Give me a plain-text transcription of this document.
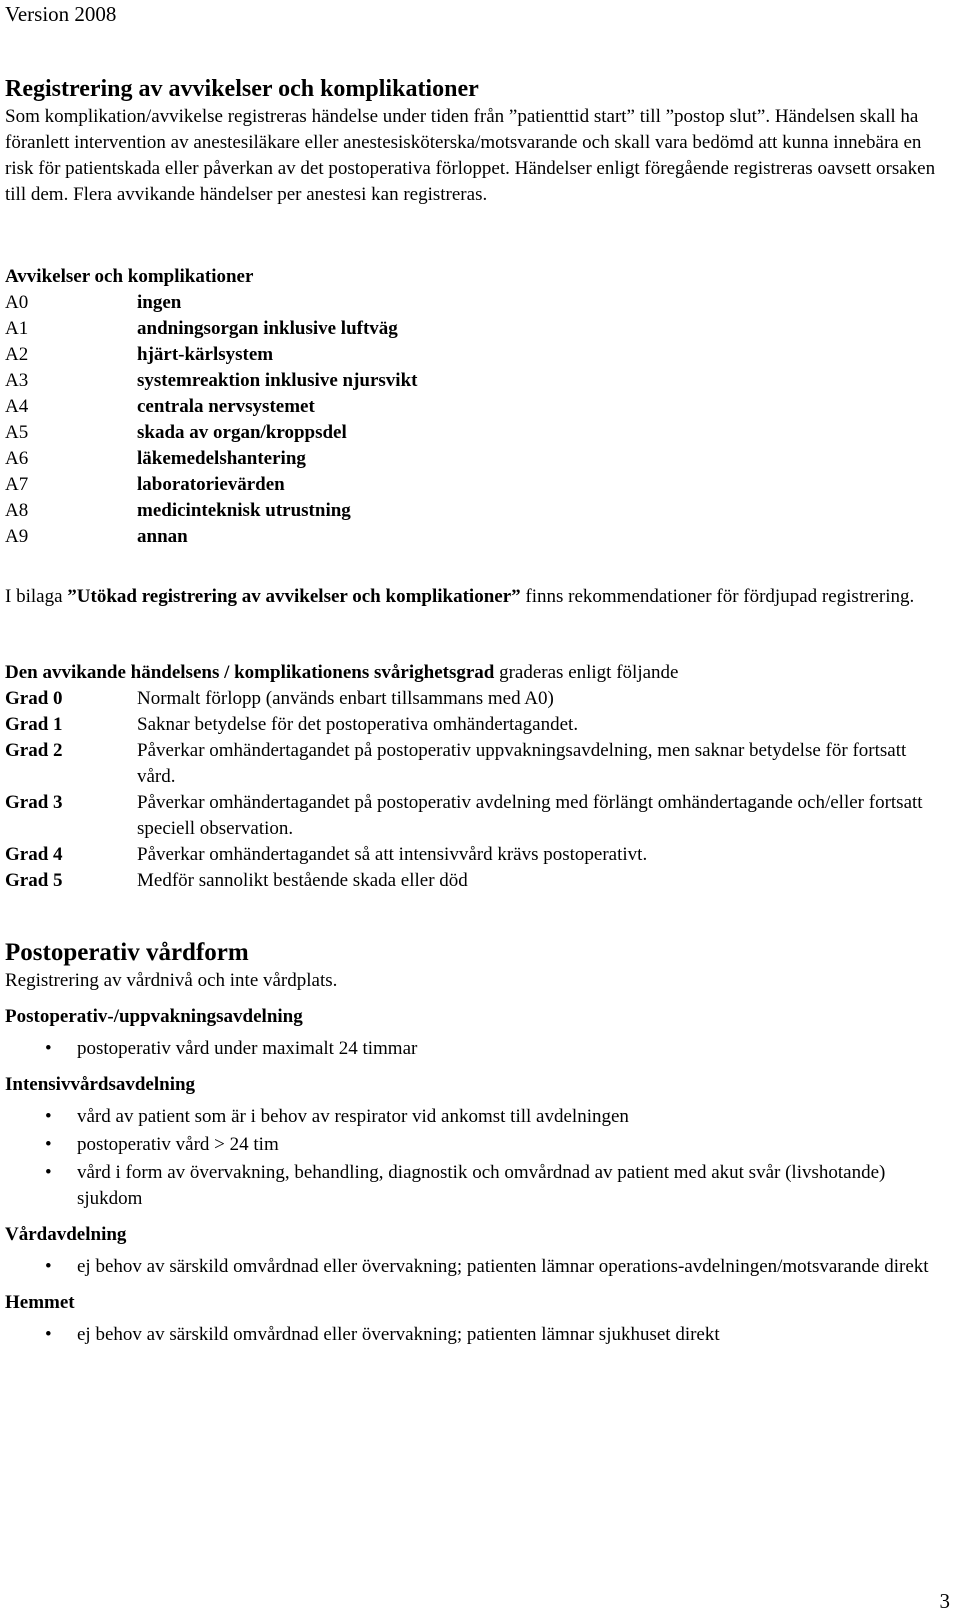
Version 2008
Registrering av avvikelser och komplikationer

Som komplikation/avvikelse registreras händelse under tiden från ”patienttid start” till ”postop slut”. Händelsen skall ha föranlett intervention av anestesiläkare eller anestesisköterska/motsvarande och skall vara bedömd att kunna innebära en risk för patientskada eller påverkan av det postoperativa förloppet. Händelser enligt föregående registreras oavsett orsaken till dem. Flera avvikande händelser per anestesi kan registreras.

Avvikelser och komplikationer
A0	ingen
A1	andningsorgan inklusive luftväg
A2	hjärt-kärlsystem
A3	systemreaktion inklusive njursvikt
A4	centrala nervsystemet
A5	skada av organ/kroppsdel
A6	läkemedelshantering
A7	laboratorievärden
A8	medicinteknisk utrustning
A9	annan

I bilaga ”Utökad registrering av avvikelser och komplikationer” finns rekommendationer för fördjupad registrering.

Den avvikande händelsens / komplikationens svårighetsgrad graderas enligt följande

Grad 0	Normalt förlopp (används enbart tillsammans med A0)
Grad 1	Saknar betydelse för det postoperativa omhändertagandet.
Grad 2	Påverkar omhändertagandet på postoperativ uppvakningsavdelning, men saknar betydelse för fortsatt vård.
Grad 3	Påverkar omhändertagandet på postoperativ avdelning med förlängt omhändertagande och/eller fortsatt speciell observation.
Grad 4	Påverkar omhändertagandet så att intensivvård krävs postoperativt.
Grad 5	Medför sannolikt bestående skada eller död
Postoperativ vårdform

Registrering av vårdnivå och inte vårdplats.

Postoperativ-/uppvakningsavdelning
• postoperativ vård under maximalt 24 timmar
Intensivvårdsavdelning
• vård av patient som är i behov av respirator vid ankomst till avdelningen
• postoperativ vård > 24 tim
• vård i form av övervakning, behandling, diagnostik och omvårdnad av patient med akut svår (livshotande) sjukdom
Vårdavdelning
• ej behov av särskild omvårdnad eller övervakning; patienten lämnar operations-avdelningen/motsvarande direkt
Hemmet
• ej behov av särskild omvårdnad eller övervakning; patienten lämnar sjukhuset direkt
3
